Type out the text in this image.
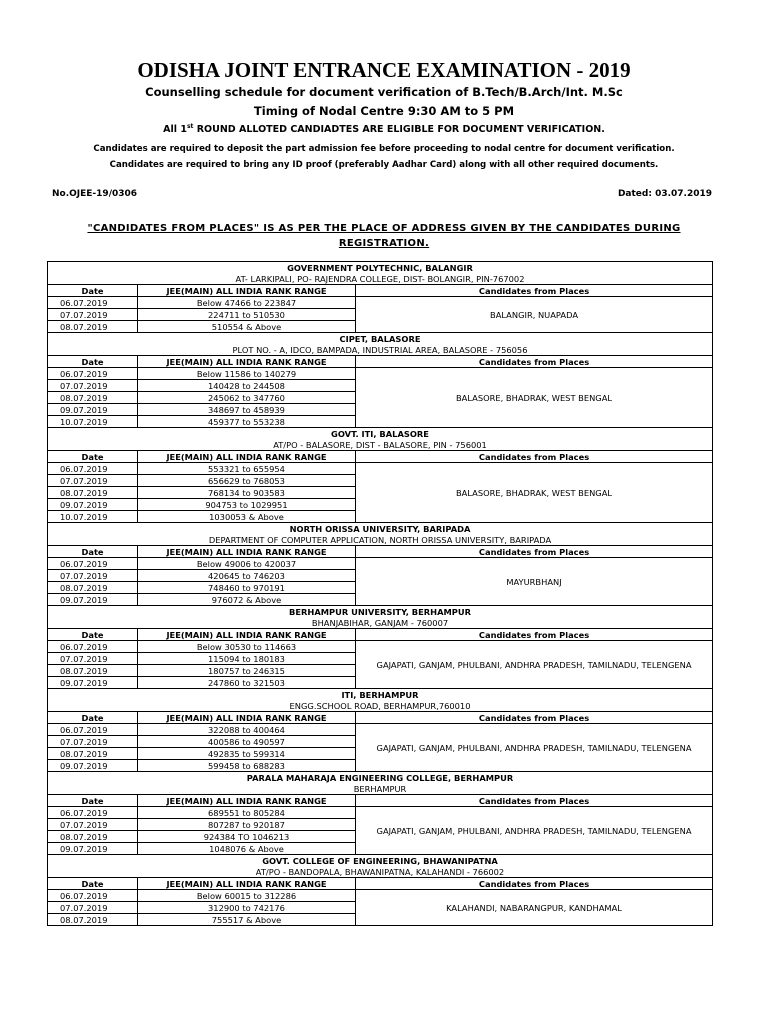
ODISHA JOINT ENTRANCE EXAMINATION - 2019
Counselling schedule for document verification of B.Tech/B.Arch/Int. M.Sc
Timing of Nodal Centre 9:30 AM to 5 PM
All 1st ROUND ALLOTED CANDIADTES ARE ELIGIBLE FOR DOCUMENT VERIFICATION.
Candidates are required to deposit the part admission fee before proceeding to nodal centre for document verification.
Candidates are required to bring any ID proof (preferably Aadhar Card) along with all other required documents.
No.OJEE-19/0306	Dated: 03.07.2019
"CANDIDATES FROM PLACES" IS AS PER THE PLACE OF ADDRESS GIVEN BY THE CANDIDATES DURING REGISTRATION.
GOVERNMENT POLYTECHNIC, BALANGIR		
AT- LARKIPALI, PO- RAJENDRA COLLEGE, DIST- BOLANGIR, PIN-767002		
Date	JEE(MAIN) ALL INDIA RANK RANGE	Candidates from Places
06.07.2019	Below 47466 to 223847	BALANGIR, NUAPADA
07.07.2019	224711 to 510530	
08.07.2019	510554 & Above	
CIPET, BALASORE		
PLOT NO. - A, IDCO, BAMPADA, INDUSTRIAL AREA, BALASORE - 756056		
Date	JEE(MAIN) ALL INDIA RANK RANGE	Candidates from Places
06.07.2019	Below 11586 to 140279	BALASORE, BHADRAK, WEST BENGAL
07.07.2019	140428 to 244508	
08.07.2019	245062 to 347760	
09.07.2019	348697 to 458939	
10.07.2019	459377 to 553238	
GOVT. ITI, BALASORE		
AT/PO - BALASORE, DIST - BALASORE, PIN - 756001		
Date	JEE(MAIN) ALL INDIA RANK RANGE	Candidates from Places
06.07.2019	553321 to 655954	BALASORE, BHADRAK, WEST BENGAL
07.07.2019	656629 to 768053	
08.07.2019	768134 to 903583	
09.07.2019	904753 to 1029951	
10.07.2019	1030053 & Above	
NORTH ORISSA UNIVERSITY, BARIPADA		
DEPARTMENT OF COMPUTER APPLICATION, NORTH ORISSA UNIVERSITY, BARIPADA		
Date	JEE(MAIN) ALL INDIA RANK RANGE	Candidates from Places
06.07.2019	Below 49006 to 420037	MAYURBHANJ
07.07.2019	420645 to 746203	
08.07.2019	748460 to 970191	
09.07.2019	976072 & Above	
BERHAMPUR UNIVERSITY, BERHAMPUR		
BHANJABIHAR, GANJAM - 760007		
Date	JEE(MAIN) ALL INDIA RANK RANGE	Candidates from Places
06.07.2019	Below 30530 to 114663	GAJAPATI, GANJAM, PHULBANI, ANDHRA PRADESH, TAMILNADU, TELENGENA
07.07.2019	115094 to 180183	
08.07.2019	180757 to 246315	
09.07.2019	247860 to 321503	
ITI, BERHAMPUR		
ENGG.SCHOOL ROAD, BERHAMPUR,760010		
Date	JEE(MAIN) ALL INDIA RANK RANGE	Candidates from Places
06.07.2019	322088 to 400464	GAJAPATI, GANJAM, PHULBANI, ANDHRA PRADESH, TAMILNADU, TELENGENA
07.07.2019	400586 to 490597	
08.07.2019	492835 to 599314	
09.07.2019	599458 to 688283	
PARALA MAHARAJA ENGINEERING COLLEGE, BERHAMPUR		
BERHAMPUR		
Date	JEE(MAIN) ALL INDIA RANK RANGE	Candidates from Places
06.07.2019	689551 to 805284	GAJAPATI, GANJAM, PHULBANI, ANDHRA PRADESH, TAMILNADU, TELENGENA
07.07.2019	807287 to 920187	
08.07.2019	924384 TO 1046213	
09.07.2019	1048076 & Above	
GOVT. COLLEGE OF ENGINEERING, BHAWANIPATNA		
AT/PO - BANDOPALA, BHAWANIPATNA, KALAHANDI - 766002		
Date	JEE(MAIN) ALL INDIA RANK RANGE	Candidates from Places
06.07.2019	Below 60015 to 312286	KALAHANDI, NABARANGPUR, KANDHAMAL
07.07.2019	312900 to 742176	
08.07.2019	755517 & Above	
